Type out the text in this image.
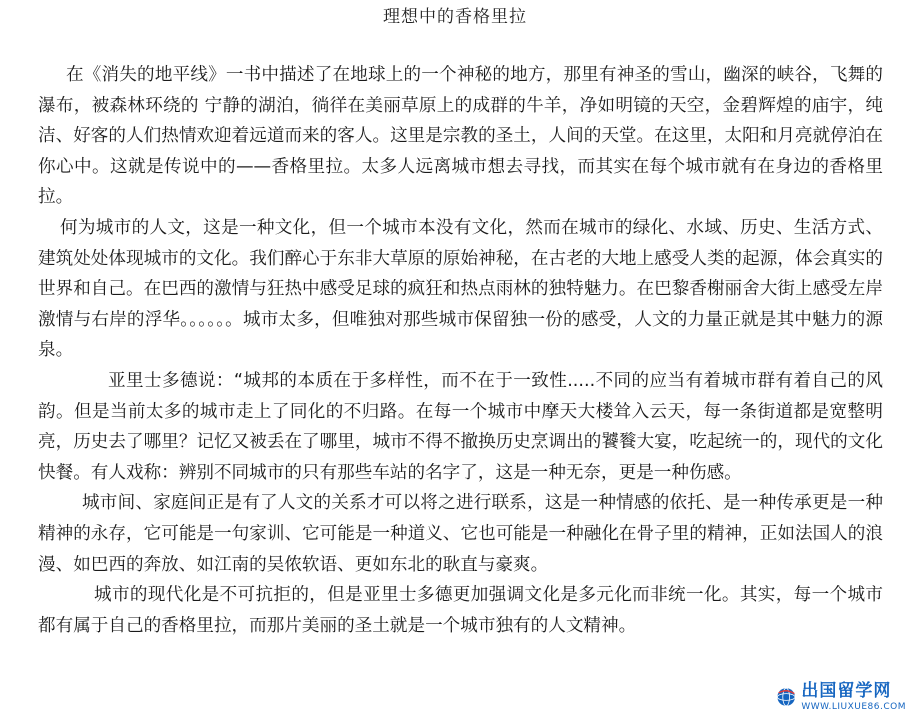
理想中的香格里拉

在《消失的地平线》一书中描述了在地球上的一个神秘的地方，那里有神圣的雪山，幽深的峡谷，飞舞的瀑布，被森林环绕的 宁静的湖泊，徜徉在美丽草原上的成群的牛羊，净如明镜的天空，金碧辉煌的庙宇，纯洁、好客的人们热情欢迎着远道而来的客人。这里是宗教的圣土，人间的天堂。在这里，太阳和月亮就停泊在你心中。这就是传说中的——香格里拉。太多人远离城市想去寻找，而其实在每个城市就有在身边的香格里拉。

何为城市的人文，这是一种文化，但一个城市本没有文化，然而在城市的绿化、水域、历史、生活方式、建筑处处体现城市的文化。我们醉心于东非大草原的原始神秘，在古老的大地上感受人类的起源，体会真实的世界和自己。在巴西的激情与狂热中感受足球的疯狂和热点雨林的独特魅力。在巴黎香榭丽舍大街上感受左岸激情与右岸的浮华。。。。。。城市太多，但唯独对那些城市保留独一份的感受，人文的力量正就是其中魅力的源泉。

亚里士多德说：“城邦的本质在于多样性，而不在于一致性.....不同的应当有着城市群有着自己的风韵。但是当前太多的城市走上了同化的不归路。在每一个城市中摩天大楼耸入云天，每一条街道都是宽整明亮，历史去了哪里？记忆又被丢在了哪里，城市不得不撤换历史烹调出的饕餮大宴，吃起统一的，现代的文化快餐。有人戏称：辨别不同城市的只有那些车站的名字了，这是一种无奈，更是一种伤感。

城市间、家庭间正是有了人文的关系才可以将之进行联系，这是一种情感的依托、是一种传承更是一种精神的永存，它可能是一句家训、它可能是一种道义、它也可能是一种融化在骨子里的精神，正如法国人的浪漫、如巴西的奔放、如江南的吴侬软语、更如东北的耿直与豪爽。

城市的现代化是不可抗拒的，但是亚里士多德更加强调文化是多元化而非统一化。其实，每一个城市都有属于自己的香格里拉，而那片美丽的圣土就是一个城市独有的人文精神。

出国留学网
WWW.LIUXUE86.COM
